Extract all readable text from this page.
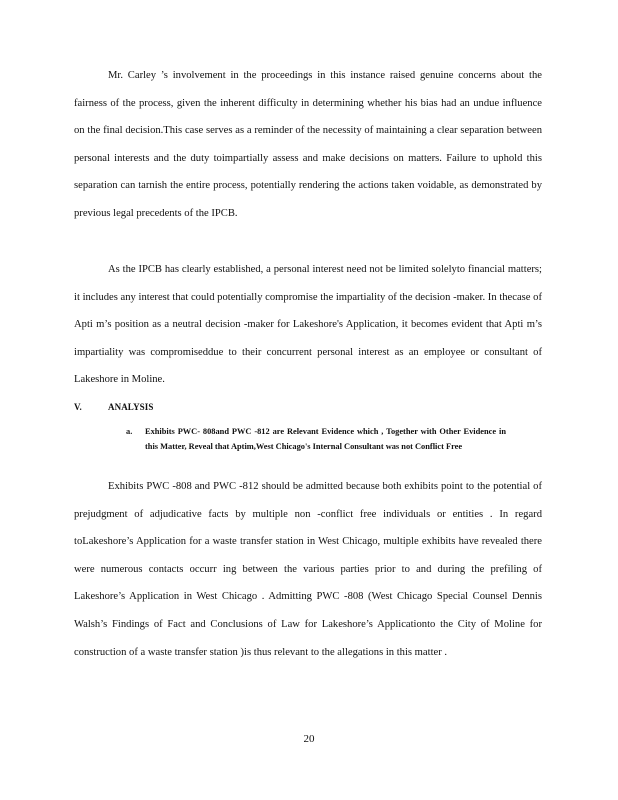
Mr. Carley ’s involvement in the proceedings in this instance raised genuine concerns about the fairness of the process, given the inherent difficulty in determining whether his bias had an undue influence on the final decision.This case serves as a reminder of the necessity of maintaining a clear separation between personal interests and the duty toimpartially assess and make decisions on matters. Failure to uphold this separation can tarnish the entire process, potentially rendering the actions taken voidable, as demonstrated by previous legal precedents of the IPCB.

As the IPCB has clearly established, a personal interest need not be limited solelyto financial matters; it includes any interest that could potentially compromise the impartiality of the decision -maker. In thecase of Apti m’s position as a neutral decision -maker for Lakeshore's Application, it becomes evident that Apti m’s impartiality was compromiseddue to their concurrent personal interest as an employee or consultant of Lakeshore in Moline.

V.	ANALYSIS
a. Exhibits PWC- 808and PWC -812 are Relevant Evidence which , Together with Other Evidence in this Matter, Reveal that Aptim,West Chicago's Internal Consultant was not Conflict Free

Exhibits PWC -808 and PWC -812 should be admitted because both exhibits point to the potential of prejudgment of adjudicative facts by multiple non -conflict free individuals or entities . In regard toLakeshore’s Application for a waste transfer station in West Chicago, multiple exhibits have revealed there were numerous contacts occurr ing between the various parties prior to and during the prefiling of Lakeshore’s Application in West Chicago . Admitting PWC -808 (West Chicago Special Counsel Dennis Walsh’s Findings of Fact and Conclusions of Law for Lakeshore’s Applicationto the City of Moline for construction of a waste transfer station )is thus relevant to the allegations in this matter .

20
